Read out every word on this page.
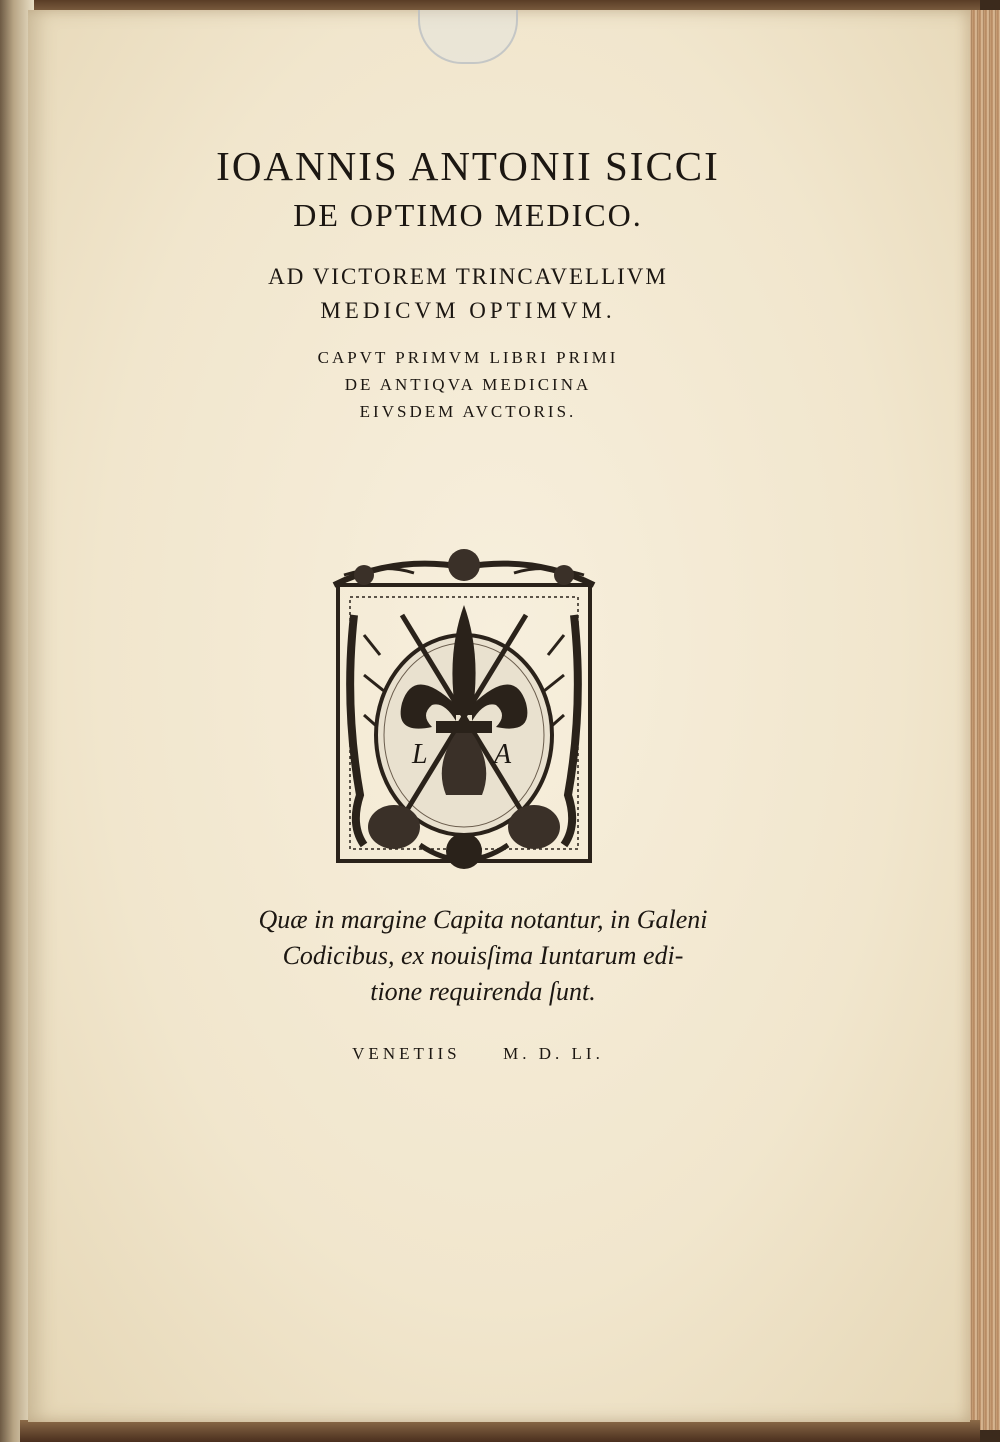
IOANNIS ANTONII SICCI

DE OPTIMO MEDICO.

AD VICTOREM TRINCAVELLIVM

MEDICVM OPTIMVM.

CAPVT PRIMVM LIBRI PRIMI

DE ANTIQVA MEDICINA

EIVSDEM AVCTORIS.

L A
Quæ in margine Capita notantur, in Galeni
Codicibus, ex nouisſima Iuntarum edi-
tione requirenda ſunt.
VENETIIS	M. D. LI.
